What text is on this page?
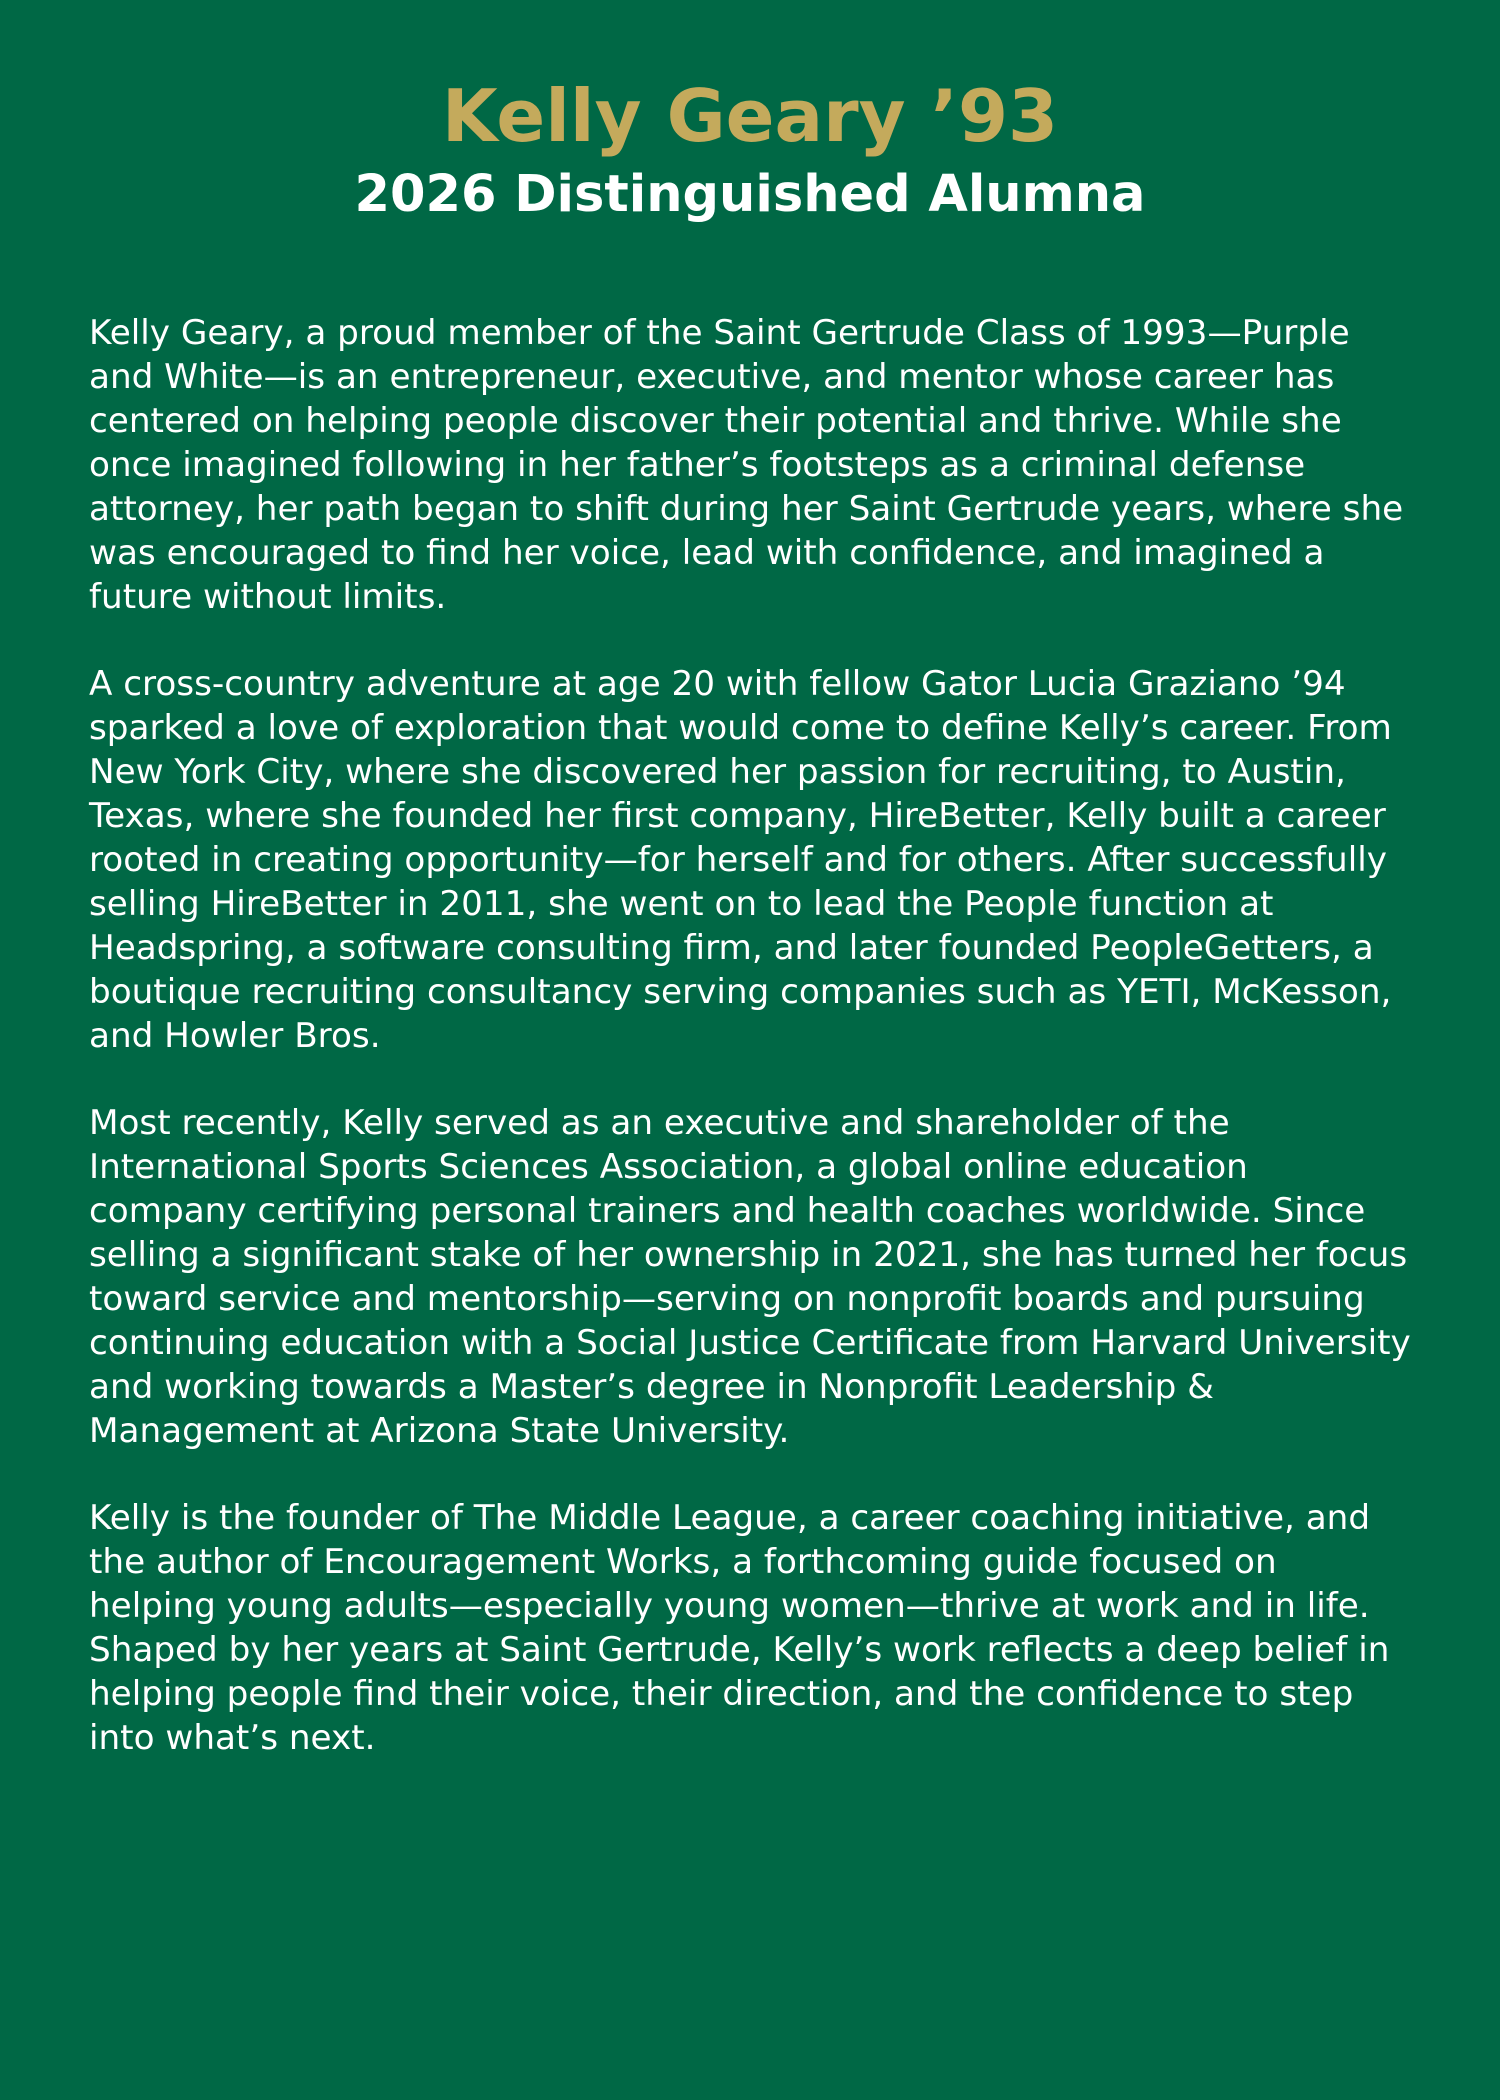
Kelly Geary ’93
2026 Distinguished Alumna

Kelly Geary, a proud member of the Saint Gertrude Class of 1993—Purple and White—is an entrepreneur, executive, and mentor whose career has centered on helping people discover their potential and thrive. While she once imagined following in her father’s footsteps as a criminal defense attorney, her path began to shift during her Saint Gertrude years, where she was encouraged to find her voice, lead with confidence, and imagined a future without limits.

A cross-country adventure at age 20 with fellow Gator Lucia Graziano ’94 sparked a love of exploration that would come to define Kelly’s career. From New York City, where she discovered her passion for recruiting, to Austin, Texas, where she founded her first company, HireBetter, Kelly built a career rooted in creating opportunity—for herself and for others. After successfully selling HireBetter in 2011, she went on to lead the People function at Headspring, a software consulting firm, and later founded PeopleGetters, a boutique recruiting consultancy serving companies such as YETI, McKesson, and Howler Bros.

Most recently, Kelly served as an executive and shareholder of the International Sports Sciences Association, a global online education company certifying personal trainers and health coaches worldwide. Since selling a significant stake of her ownership in 2021, she has turned her focus toward service and mentorship—serving on nonprofit boards and pursuing continuing education with a Social Justice Certificate from Harvard University and working towards a Master’s degree in Nonprofit Leadership & Management at Arizona State University.

Kelly is the founder of The Middle League, a career coaching initiative, and the author of Encouragement Works, a forthcoming guide focused on helping young adults—especially young women—thrive at work and in life. Shaped by her years at Saint Gertrude, Kelly’s work reflects a deep belief in helping people find their voice, their direction, and the confidence to step into what’s next.
